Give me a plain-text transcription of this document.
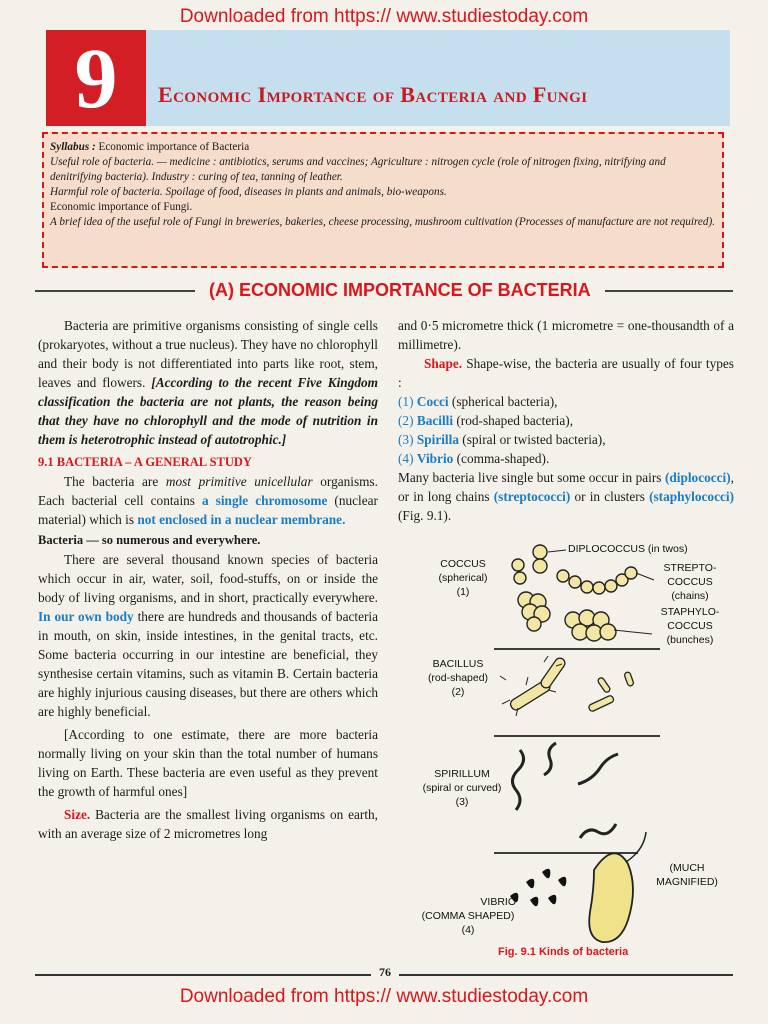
Downloaded from https:// www.studiestoday.com
9	Economic Importance of Bacteria and Fungi

Syllabus : Economic importance of Bacteria

Useful role of bacteria. — medicine : antibiotics, serums and vaccines; Agriculture : nitrogen cycle (role of nitrogen fixing, nitrifying and denitrifying bacteria). Industry : curing of tea, tanning of leather.

Harmful role of bacteria. Spoilage of food, diseases in plants and animals, bio-weapons.

Economic importance of Fungi.

A brief idea of the useful role of Fungi in breweries, bakeries, cheese processing, mushroom cultivation (Processes of manufacture are not required).

(A) ECONOMIC IMPORTANCE OF BACTERIA

Bacteria are primitive organisms consisting of single cells (prokaryotes, without a true nucleus). They have no chlorophyll and their body is not differentiated into parts like root, stem, leaves and flowers. [According to the recent Five Kingdom classification the bacteria are not plants, the reason being that they have no chlorophyll and the mode of nutrition in them is heterotrophic instead of autotrophic.]

9.1 BACTERIA – A GENERAL STUDY

The bacteria are most primitive unicellular organisms. Each bacterial cell contains a single chromosome (nuclear material) which is not enclosed in a nuclear membrane.

Bacteria — so numerous and everywhere.

There are several thousand known species of bacteria which occur in air, water, soil, food-stuffs, on or inside the body of living organisms, and in short, practically everywhere. In our own body there are hundreds and thousands of bacteria in mouth, on skin, inside intestines, in the genital tracts, etc. Some bacteria occurring in our intestine are beneficial, they synthesise certain vitamins, such as vitamin B. Certain bacteria are highly injurious causing diseases, but there are others which are highly beneficial.

[According to one estimate, there are more bacteria normally living on your skin than the total number of humans living on Earth. These bacteria are even useful as they prevent the growth of harmful ones]

Size. Bacteria are the smallest living organisms on earth, with an average size of 2 micrometres long

and 0·5 micrometre thick (1 micrometre = one-thousandth of a millimetre).

Shape. Shape-wise, the bacteria are usually of four types :

(1) Cocci (spherical bacteria),

(2) Bacilli (rod-shaped bacteria),

(3) Spirilla (spiral or twisted bacteria),

(4) Vibrio (comma-shaped).

Many bacteria live single but some occur in pairs (diplococci), or in long chains (streptococci) or in clusters (staphylococci) (Fig. 9.1).

COCCUS
(spherical)
(1)
DIPLOCOCCUS (in twos)
STREPTO-
COCCUS
(chains)
STAPHYLO-
COCCUS
(bunches)
BACILLUS
(rod-shaped)
(2)
SPIRILLUM
(spiral or curved)
(3)
VIBRIO
(COMMA SHAPED)
(4)
(MUCH
MAGNIFIED)
Fig. 9.1 Kinds of bacteria
76
Downloaded from https:// www.studiestoday.com
